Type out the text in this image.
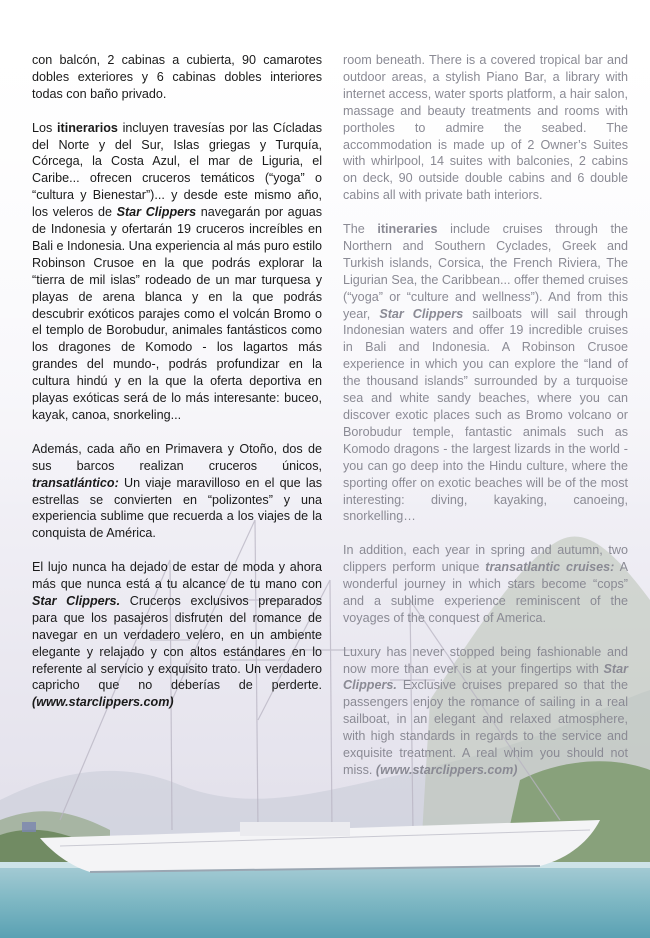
con balcón, 2 cabinas a cubierta, 90 camarotes dobles exteriores y 6 cabinas dobles interiores todas con baño privado.

Los itinerarios incluyen travesías por las Cícladas del Norte y del Sur, Islas griegas y Turquía, Córcega, la Costa Azul, el mar de Liguria, el Caribe... ofrecen cruceros temáticos (“yoga” o “cultura y Bienestar”)... y desde este mismo año, los veleros de Star Clippers navegarán por aguas de Indonesia y ofertarán 19 cruceros increíbles en Bali e Indonesia. Una experiencia al más puro estilo Robinson Crusoe en la que podrás explorar la “tierra de mil islas” rodeado de un mar turquesa y playas de arena blanca y en la que podrás descubrir exóticos parajes como el volcán Bromo o el templo de Borobudur, animales fantásticos como los dragones de Komodo - los lagartos más grandes del mundo-, podrás profundizar en la cultura hindú y en la que la oferta deportiva en playas exóticas será de lo más interesante: buceo, kayak, canoa, snorkeling...

Además, cada año en Primavera y Otoño, dos de sus barcos realizan cruceros únicos, transatlántico: Un viaje maravilloso en el que las estrellas se convierten en “polizontes” y una experiencia sublime que recuerda a los viajes de la conquista de América.

El lujo nunca ha dejado de estar de moda y ahora más que nunca está a tu alcance de tu mano con Star Clippers. Cruceros exclusivos preparados para que los pasajeros disfruten del romance de navegar en un verdadero velero, en un ambiente elegante y relajado y con altos estándares en lo referente al servicio y exquisito trato. Un verdadero capricho que no deberías de perderte. (www.starclippers.com)

room beneath. There is a covered tropical bar and outdoor areas, a stylish Piano Bar, a library with internet access, water sports platform, a hair salon, massage and beauty treatments and rooms with portholes to admire the seabed. The accommodation is made up of 2 Owner’s Suites with whirlpool, 14 suites with balconies, 2 cabins on deck, 90 outside double cabins and 6 double cabins all with private bath interiors.

The itineraries include cruises through the Northern and Southern Cyclades, Greek and Turkish islands, Corsica, the French Riviera, The Ligurian Sea, the Caribbean... offer themed cruises (“yoga” or “culture and wellness”). And from this year, Star Clippers sailboats will sail through Indonesian waters and offer 19 incredible cruises in Bali and Indonesia. A Robinson Crusoe experience in which you can explore the “land of the thousand islands” surrounded by a turquoise sea and white sandy beaches, where you can discover exotic places such as Bromo volcano or Borobudur temple, fantastic animals such as Komodo dragons - the largest lizards in the world - you can go deep into the Hindu culture, where the sporting offer on exotic beaches will be of the most interesting: diving, kayaking, canoeing, snorkelling…

In addition, each year in spring and autumn, two clippers perform unique transatlantic cruises: A wonderful journey in which stars become “cops” and a sublime experience reminiscent of the voyages of the conquest of America.

Luxury has never stopped being fashionable and now more than ever is at your fingertips with Star Clippers. Exclusive cruises prepared so that the passengers enjoy the romance of sailing in a real sailboat, in an elegant and relaxed atmosphere, with high standards in regards to the service and exquisite treatment. A real whim you should not miss. (www.starclippers.com)
